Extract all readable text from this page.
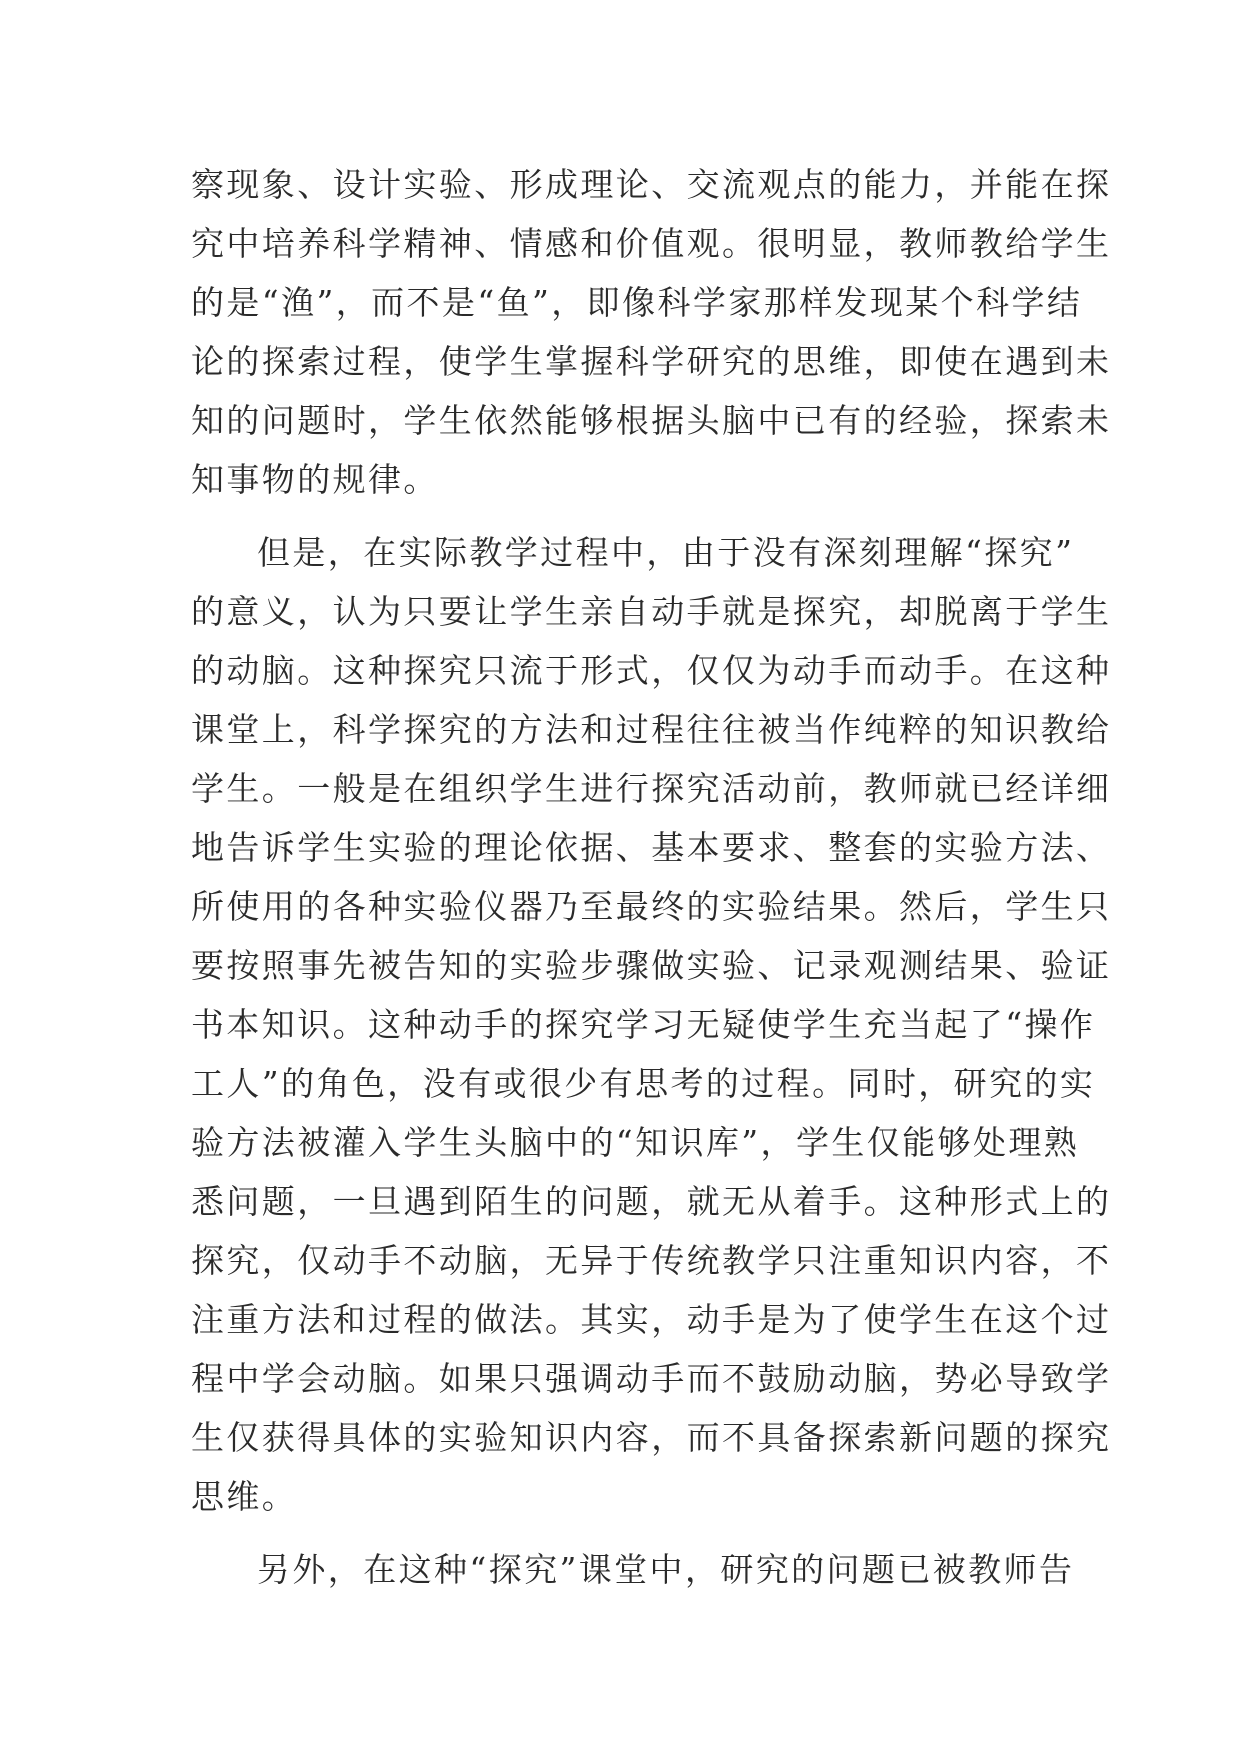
察现象、设计实验、形成理论、交流观点的能力，并能在探
究中培养科学精神、情感和价值观。很明显，教师教给学生
的是“渔”，而不是“鱼”，即像科学家那样发现某个科学结
论的探索过程，使学生掌握科学研究的思维，即使在遇到未
知的问题时，学生依然能够根据头脑中已有的经验，探索未
知事物的规律。
但是，在实际教学过程中，由于没有深刻理解“探究”
的意义，认为只要让学生亲自动手就是探究，却脱离于学生
的动脑。这种探究只流于形式，仅仅为动手而动手。在这种
课堂上，科学探究的方法和过程往往被当作纯粹的知识教给
学生。一般是在组织学生进行探究活动前，教师就已经详细
地告诉学生实验的理论依据、基本要求、整套的实验方法、
所使用的各种实验仪器乃至最终的实验结果。然后，学生只
要按照事先被告知的实验步骤做实验、记录观测结果、验证
书本知识。这种动手的探究学习无疑使学生充当起了“操作
工人”的角色，没有或很少有思考的过程。同时，研究的实
验方法被灌入学生头脑中的“知识库”，学生仅能够处理熟
悉问题，一旦遇到陌生的问题，就无从着手。这种形式上的
探究，仅动手不动脑，无异于传统教学只注重知识内容，不
注重方法和过程的做法。其实，动手是为了使学生在这个过
程中学会动脑。如果只强调动手而不鼓励动脑，势必导致学
生仅获得具体的实验知识内容，而不具备探索新问题的探究
思维。
另外，在这种“探究”课堂中，研究的问题已被教师告
